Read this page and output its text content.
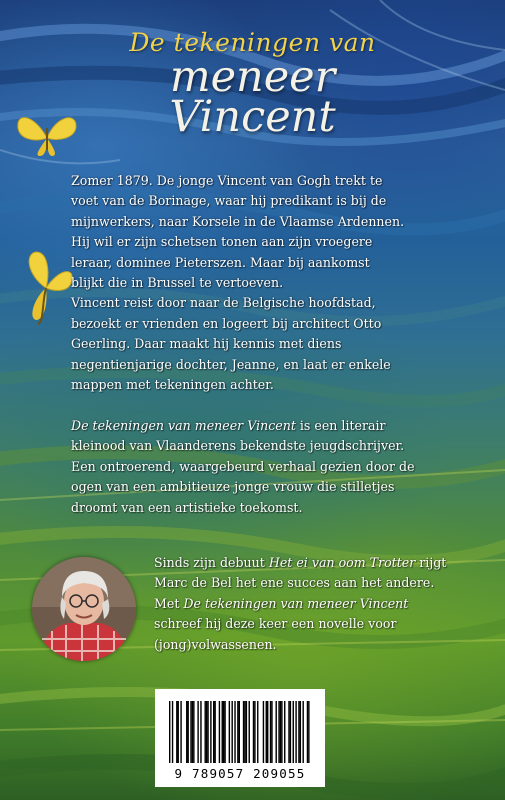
De tekeningen van
meneer
Vincent

Zomer 1879. De jonge Vincent van Gogh trekt te

voet van de Borinage, waar hij predikant is bij de

mijnwerkers, naar Korsele in de Vlaamse Ardennen.

Hij wil er zijn schetsen tonen aan zijn vroegere

leraar, dominee Pieterszen. Maar bij aankomst

blijkt die in Brussel te vertoeven.

Vincent reist door naar de Belgische hoofdstad,

bezoekt er vrienden en logeert bij architect Otto

Geerling. Daar maakt hij kennis met diens

negentienjarige dochter, Jeanne, en laat er enkele

mappen met tekeningen achter.

De tekeningen van meneer Vincent is een literair

kleinood van Vlaanderens bekendste jeugdschrijver.

Een ontroerend, waargebeurd verhaal gezien door de

ogen van een ambitieuze jonge vrouw die stilletjes

droomt van een artistieke toekomst.

Sinds zijn debuut Het ei van oom Trotter rijgt

Marc de Bel het ene succes aan het andere.

Met De tekeningen van meneer Vincent

schreef hij deze keer een novelle voor

(jong)volwassenen.

9 789057 209055
